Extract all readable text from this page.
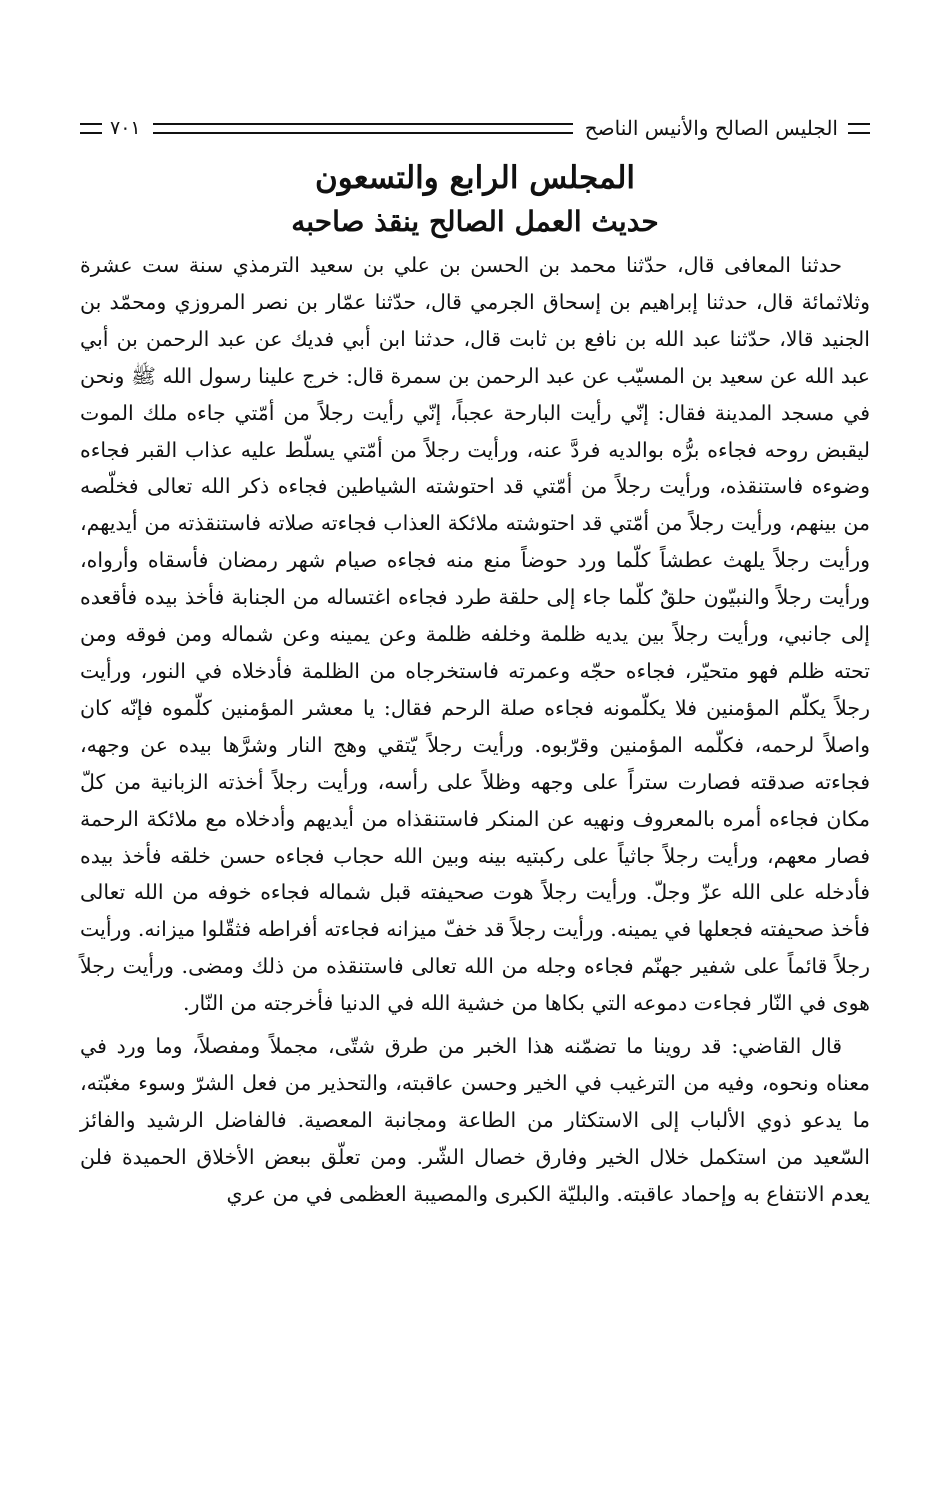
الجليس الصالح والأنيس الناصح
٧٠١
المجلس الرابع والتسعون
حديث العمل الصالح ينقذ صاحبه

حدثنا المعافى قال، حدّثنا محمد بن الحسن بن علي بن سعيد الترمذي سنة ست عشرة وثلاثمائة قال، حدثنا إبراهيم بن إسحاق الجرمي قال، حدّثنا عمّار بن نصر المروزي ومحمّد بن الجنيد قالا، حدّثنا عبد الله بن نافع بن ثابت قال، حدثنا ابن أبي فديك عن عبد الرحمن بن أبي عبد الله عن سعيد بن المسيّب عن عبد الرحمن بن سمرة قال: خرج علينا رسول الله ﷺ ونحن في مسجد المدينة فقال: إنّي رأيت البارحة عجباً، إنّي رأيت رجلاً من أمّتي جاءه ملك الموت ليقبض روحه فجاءه برُّه بوالديه فردَّ عنه، ورأيت رجلاً من أمّتي يسلّط عليه عذاب القبر فجاءه وضوءه فاستنقذه، ورأيت رجلاً من أمّتي قد احتوشته الشياطين فجاءه ذكر الله تعالى فخلّصه من بينهم، ورأيت رجلاً من أمّتي قد احتوشته ملائكة العذاب فجاءته صلاته فاستنقذته من أيديهم، ورأيت رجلاً يلهث عطشاً كلّما ورد حوضاً منع منه فجاءه صيام شهر رمضان فأسقاه وأرواه، ورأيت رجلاً والنبيّون حلقٌ كلّما جاء إلى حلقة طرد فجاءه اغتساله من الجنابة فأخذ بيده فأقعده إلى جانبي، ورأيت رجلاً بين يديه ظلمة وخلفه ظلمة وعن يمينه وعن شماله ومن فوقه ومن تحته ظلم فهو متحيّر، فجاءه حجّه وعمرته فاستخرجاه من الظلمة فأدخلاه في النور، ورأيت رجلاً يكلّم المؤمنين فلا يكلّمونه فجاءه صلة الرحم فقال: يا معشر المؤمنين كلّموه فإنّه كان واصلاً لرحمه، فكلّمه المؤمنين وقرّبوه. ورأيت رجلاً يّتقي وهج النار وشرَّها بيده عن وجهه، فجاءته صدقته فصارت ستراً على وجهه وظلاً على رأسه، ورأيت رجلاً أخذته الزبانية من كلّ مكان فجاءه أمره بالمعروف ونهيه عن المنكر فاستنقذاه من أيديهم وأدخلاه مع ملائكة الرحمة فصار معهم، ورأيت رجلاً جاثياً على ركبتيه بينه وبين الله حجاب فجاءه حسن خلقه فأخذ بيده فأدخله على الله عزّ وجلّ. ورأيت رجلاً هوت صحيفته قبل شماله فجاءه خوفه من الله تعالى فأخذ صحيفته فجعلها في يمينه. ورأيت رجلاً قد خفّ ميزانه فجاءته أفراطه فثقّلوا ميزانه. ورأيت رجلاً قائماً على شفير جهنّم فجاءه وجله من الله تعالى فاستنقذه من ذلك ومضى. ورأيت رجلاً هوى في النّار فجاءت دموعه التي بكاها من خشية الله في الدنيا فأخرجته من النّار.

قال القاضي: قد روينا ما تضمّنه هذا الخبر من طرق شتّى، مجملاً ومفصلاً، وما ورد في معناه ونحوه، وفيه من الترغيب في الخير وحسن عاقبته، والتحذير من فعل الشرّ وسوء مغبّته، ما يدعو ذوي الألباب إلى الاستكثار من الطاعة ومجانبة المعصية. فالفاضل الرشيد والفائز السّعيد من استكمل خلال الخير وفارق خصال الشّر. ومن تعلّق ببعض الأخلاق الحميدة فلن يعدم الانتفاع به وإحماد عاقبته. والبليّة الكبرى والمصيبة العظمى في من عري
